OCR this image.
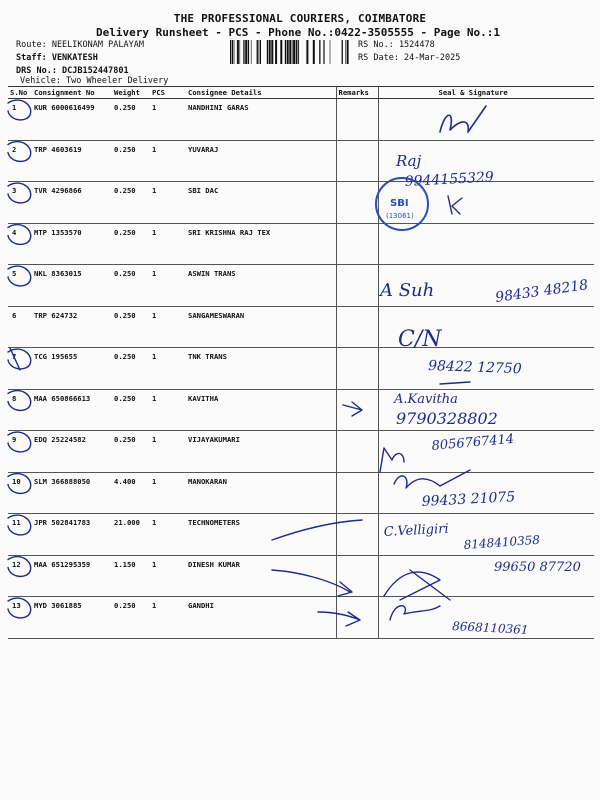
THE PROFESSIONAL COURIERS, COIMBATORE
Delivery Runsheet - PCS - Phone No.:0422-3505555 - Page No.:1
Route: NEELIKONAM PALAYAM
Staff: VENKATESH
DRS No.: DCJB152447801
Vehicle: Two Wheeler Delivery
RS No.: 1524478
RS Date: 24-Mar-2025
S.No	Consignment No	Weight	PCS	Consignee Details	Remarks	Seal & Signature
1	KUR 6000616499	0.250	1	NANDHINI GARAS		
2	TRP 4603619	0.250	1	YUVARAJ		
3	TVR 4296866	0.250	1	SBI DAC		
4	MTP 1353570	0.250	1	SRI KRISHNA RAJ TEX		
5	NKL 8363015	0.250	1	ASWIN TRANS		
6	TRP 624732	0.250	1	SANGAMESWARAN		
7	TCG 195655	0.250	1	TNK TRANS		
8	MAA 650866613	0.250	1	KAVITHA		
9	EDQ 25224582	0.250	1	VIJAYAKUMARI		
10	SLM 366888050	4.400	1	MANOKARAN		
11	JPR 502841783	21.000	1	TECHNOMETERS		
12	MAA 651295359	1.150	1	DINESH KUMAR		
13	MYD 3061885	0.250	1	GANDHI		
Raj
9944155329
SBI
(13061)
A Suh	98433 48218
C/N
98422 12750
A.Kavitha
9790328802
8056767414
99433 21075
C.Velligiri
8148410358
99650 87720
8668110361
